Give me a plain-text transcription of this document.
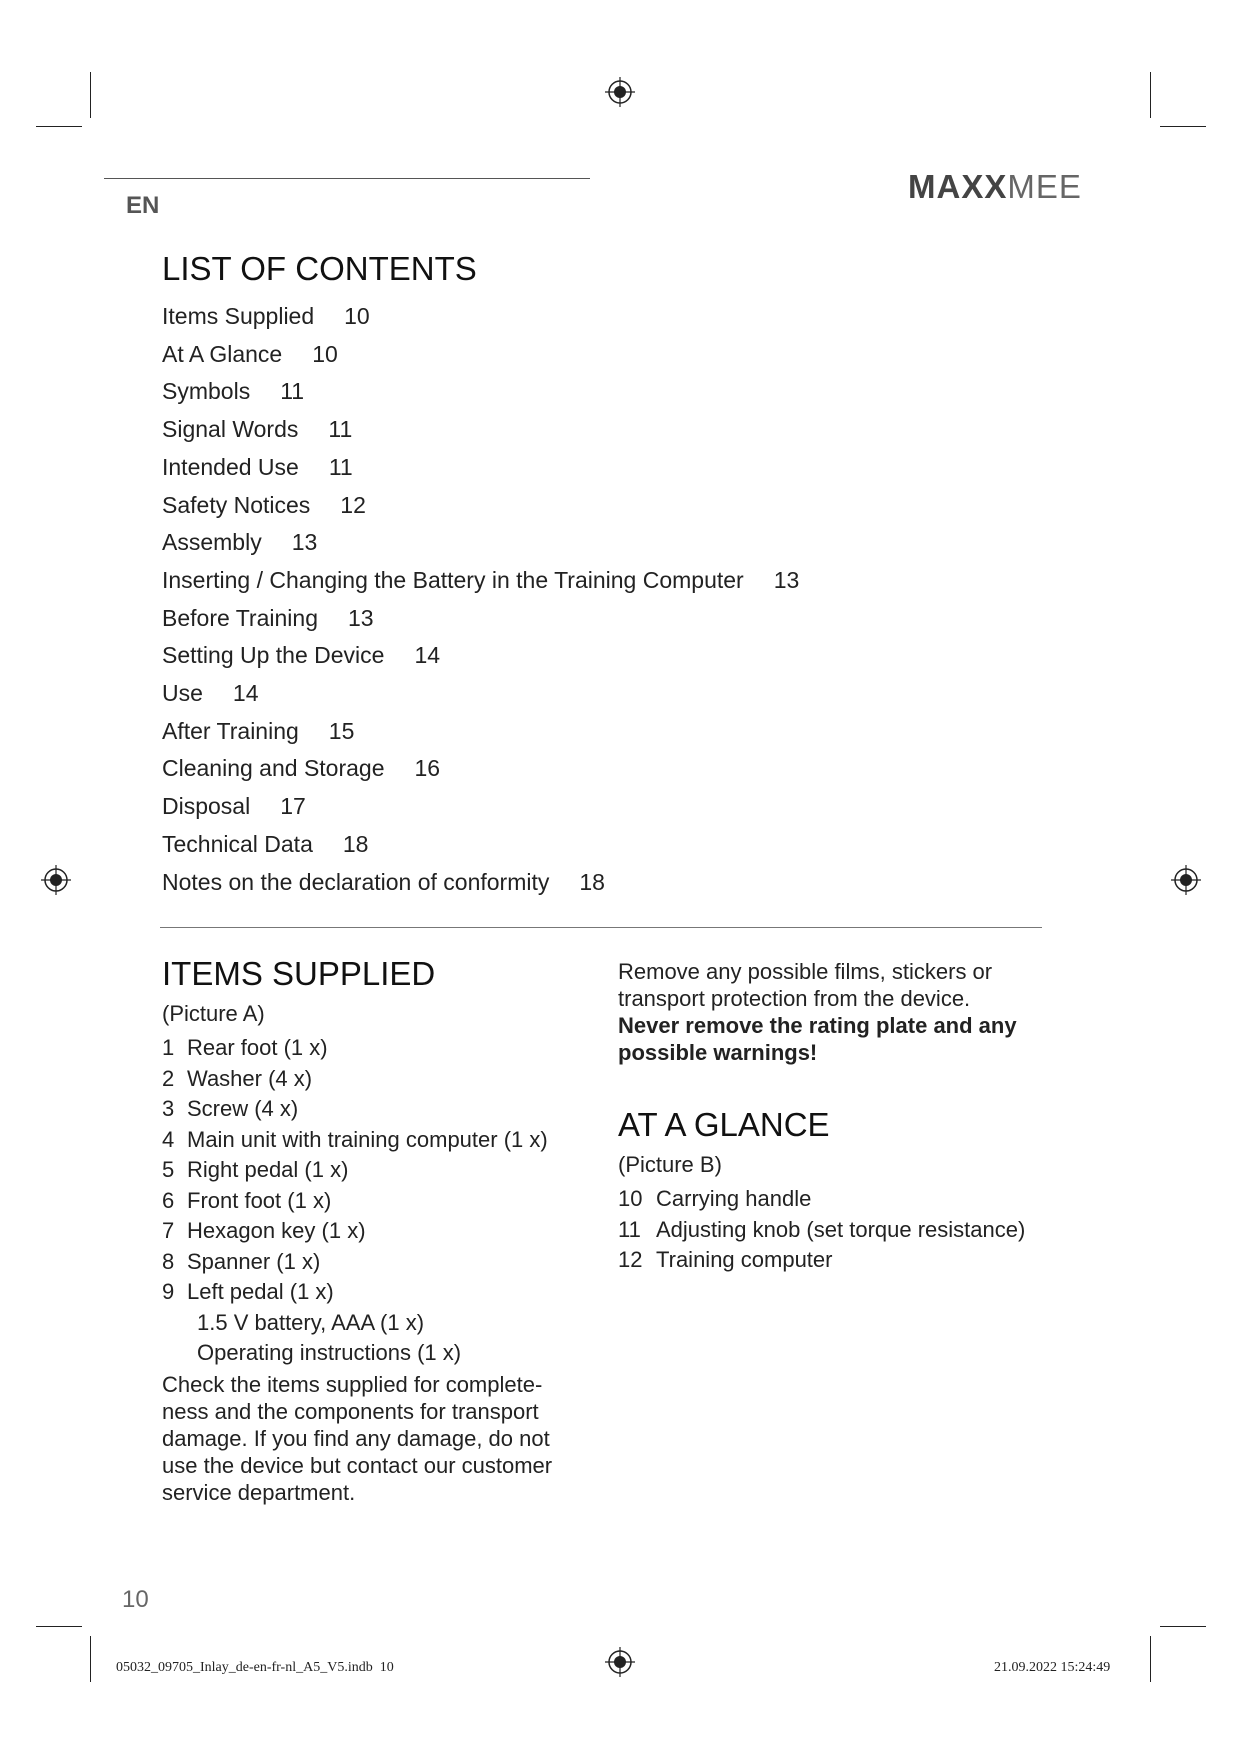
EN
MAXXMEE
LIST OF CONTENTS
Items Supplied 10
At A Glance 10
Symbols 11
Signal Words 11
Intended Use 11
Safety Notices 12
Assembly 13
Inserting / Changing the Battery in the Training Computer 13
Before Training 13
Setting Up the Device 14
Use 14
After Training 15
Cleaning and Storage 16
Disposal 17
Technical Data 18
Notes on the declaration of conformity 18
ITEMS SUPPLIED
(Picture A)
1 Rear foot (1 x)
2 Washer (4 x)
3 Screw (4 x)
4 Main unit with training computer (1 x)
5 Right pedal (1 x)
6 Front foot (1 x)
7 Hexagon key (1 x)
8 Spanner (1 x)
9 Left pedal (1 x)
1.5 V battery, AAA (1 x)
Operating instructions (1 x)

Check the items supplied for complete-ness and the components for transport damage. If you find any damage, do not use the device but contact our customer service department.

Remove any possible films, stickers or transport protection from the device.

Never remove the rating plate and any possible warnings!

AT A GLANCE
(Picture B)
10 Carrying handle
11 Adjusting knob (set torque resistance)
12 Training computer
10
05032_09705_Inlay_de-en-fr-nl_A5_V5.indb 10	21.09.2022 15:24:49
